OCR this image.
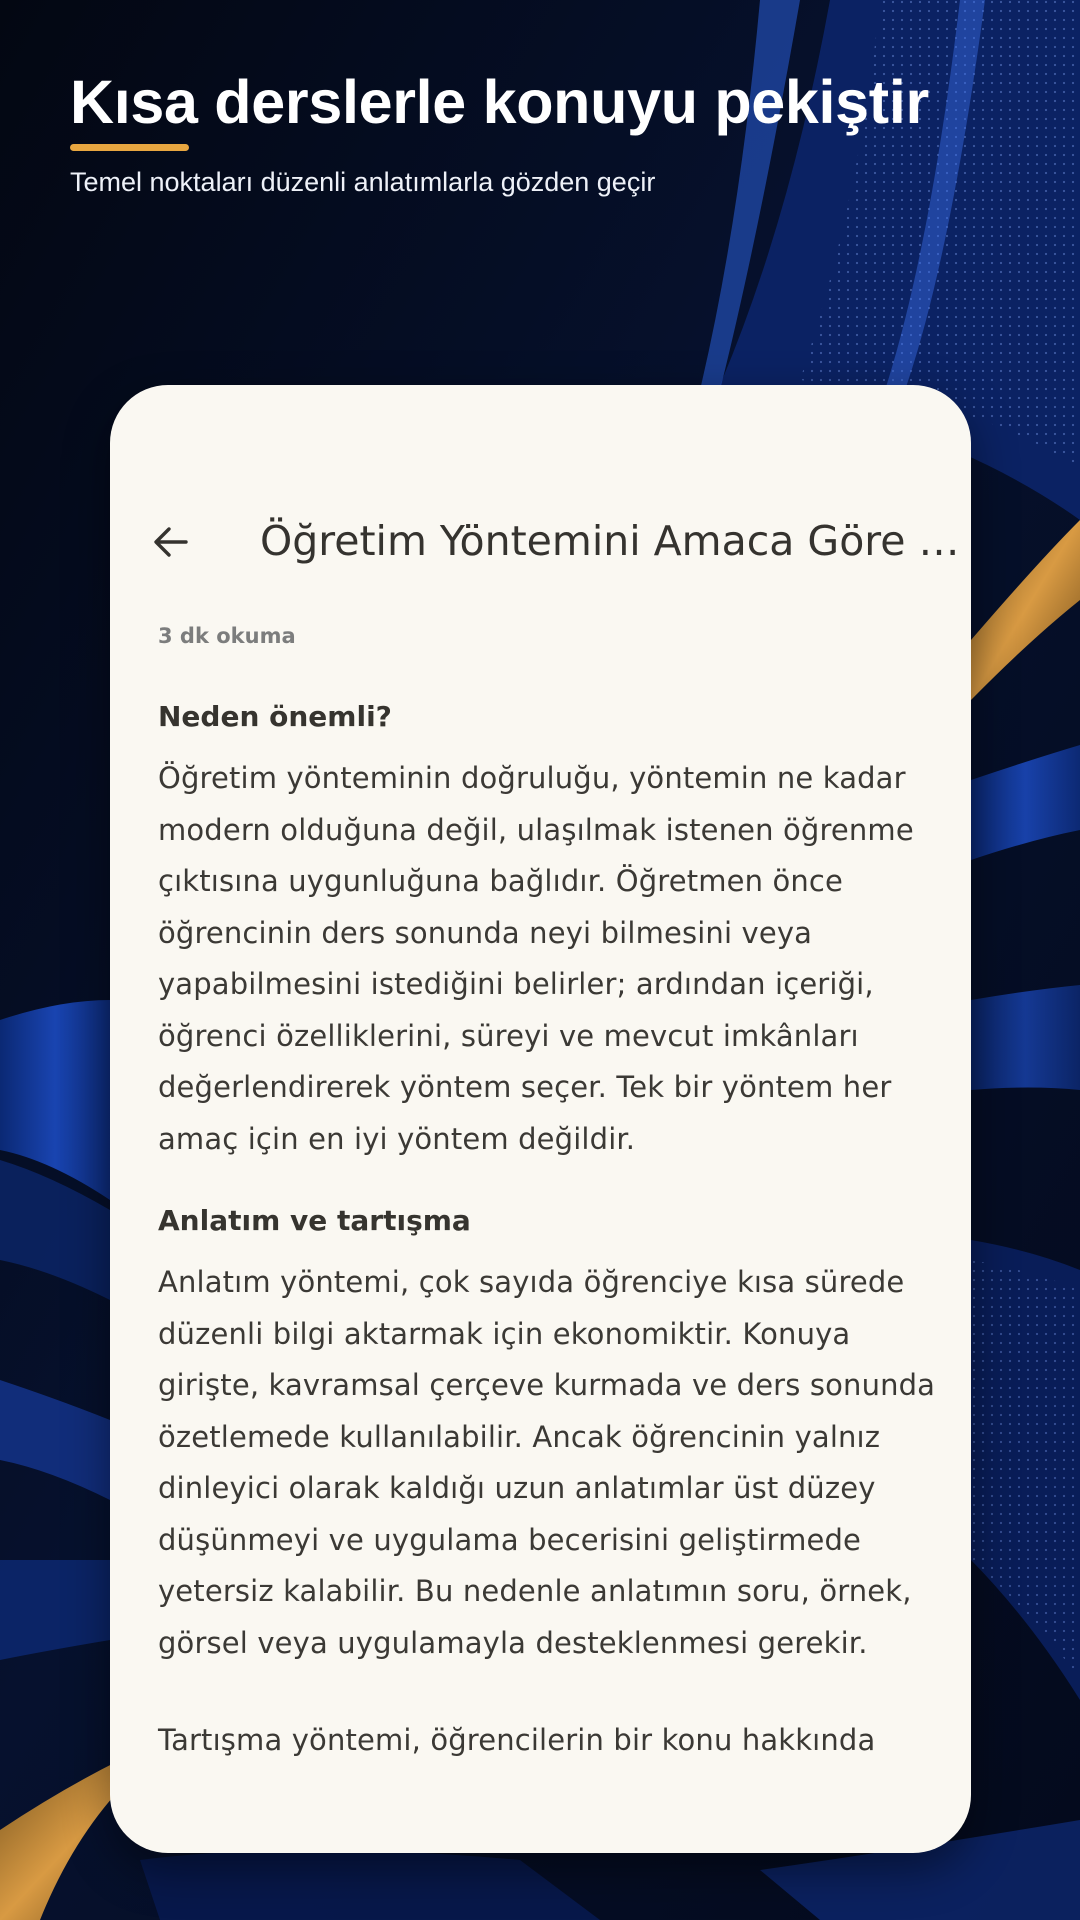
Kısa derslerle konuyu pekiştir
Temel noktaları düzenli anlatımlarla gözden geçir
Öğretim Yöntemini Amaca Göre …

3 dk okuma

Neden önemli?

Öğretim yönteminin doğruluğu, yöntemin ne kadar modern olduğuna değil, ulaşılmak istenen öğrenme çıktısına uygunluğuna bağlıdır. Öğretmen önce öğrencinin ders sonunda neyi bilmesini veya yapabilmesini istediğini belirler; ardından içeriği, öğrenci özelliklerini, süreyi ve mevcut imkânları değerlendirerek yöntem seçer. Tek bir yöntem her amaç için en iyi yöntem değildir.

Anlatım ve tartışma

Anlatım yöntemi, çok sayıda öğrenciye kısa sürede düzenli bilgi aktarmak için ekonomiktir. Konuya girişte, kavramsal çerçeve kurmada ve ders sonunda özetlemede kullanılabilir. Ancak öğrencinin yalnız dinleyici olarak kaldığı uzun anlatımlar üst düzey düşünmeyi ve uygulama becerisini geliştirmede yetersiz kalabilir. Bu nedenle anlatımın soru, örnek, görsel veya uygulamayla desteklenmesi gerekir.

Tartışma yöntemi, öğrencilerin bir konu hakkında
